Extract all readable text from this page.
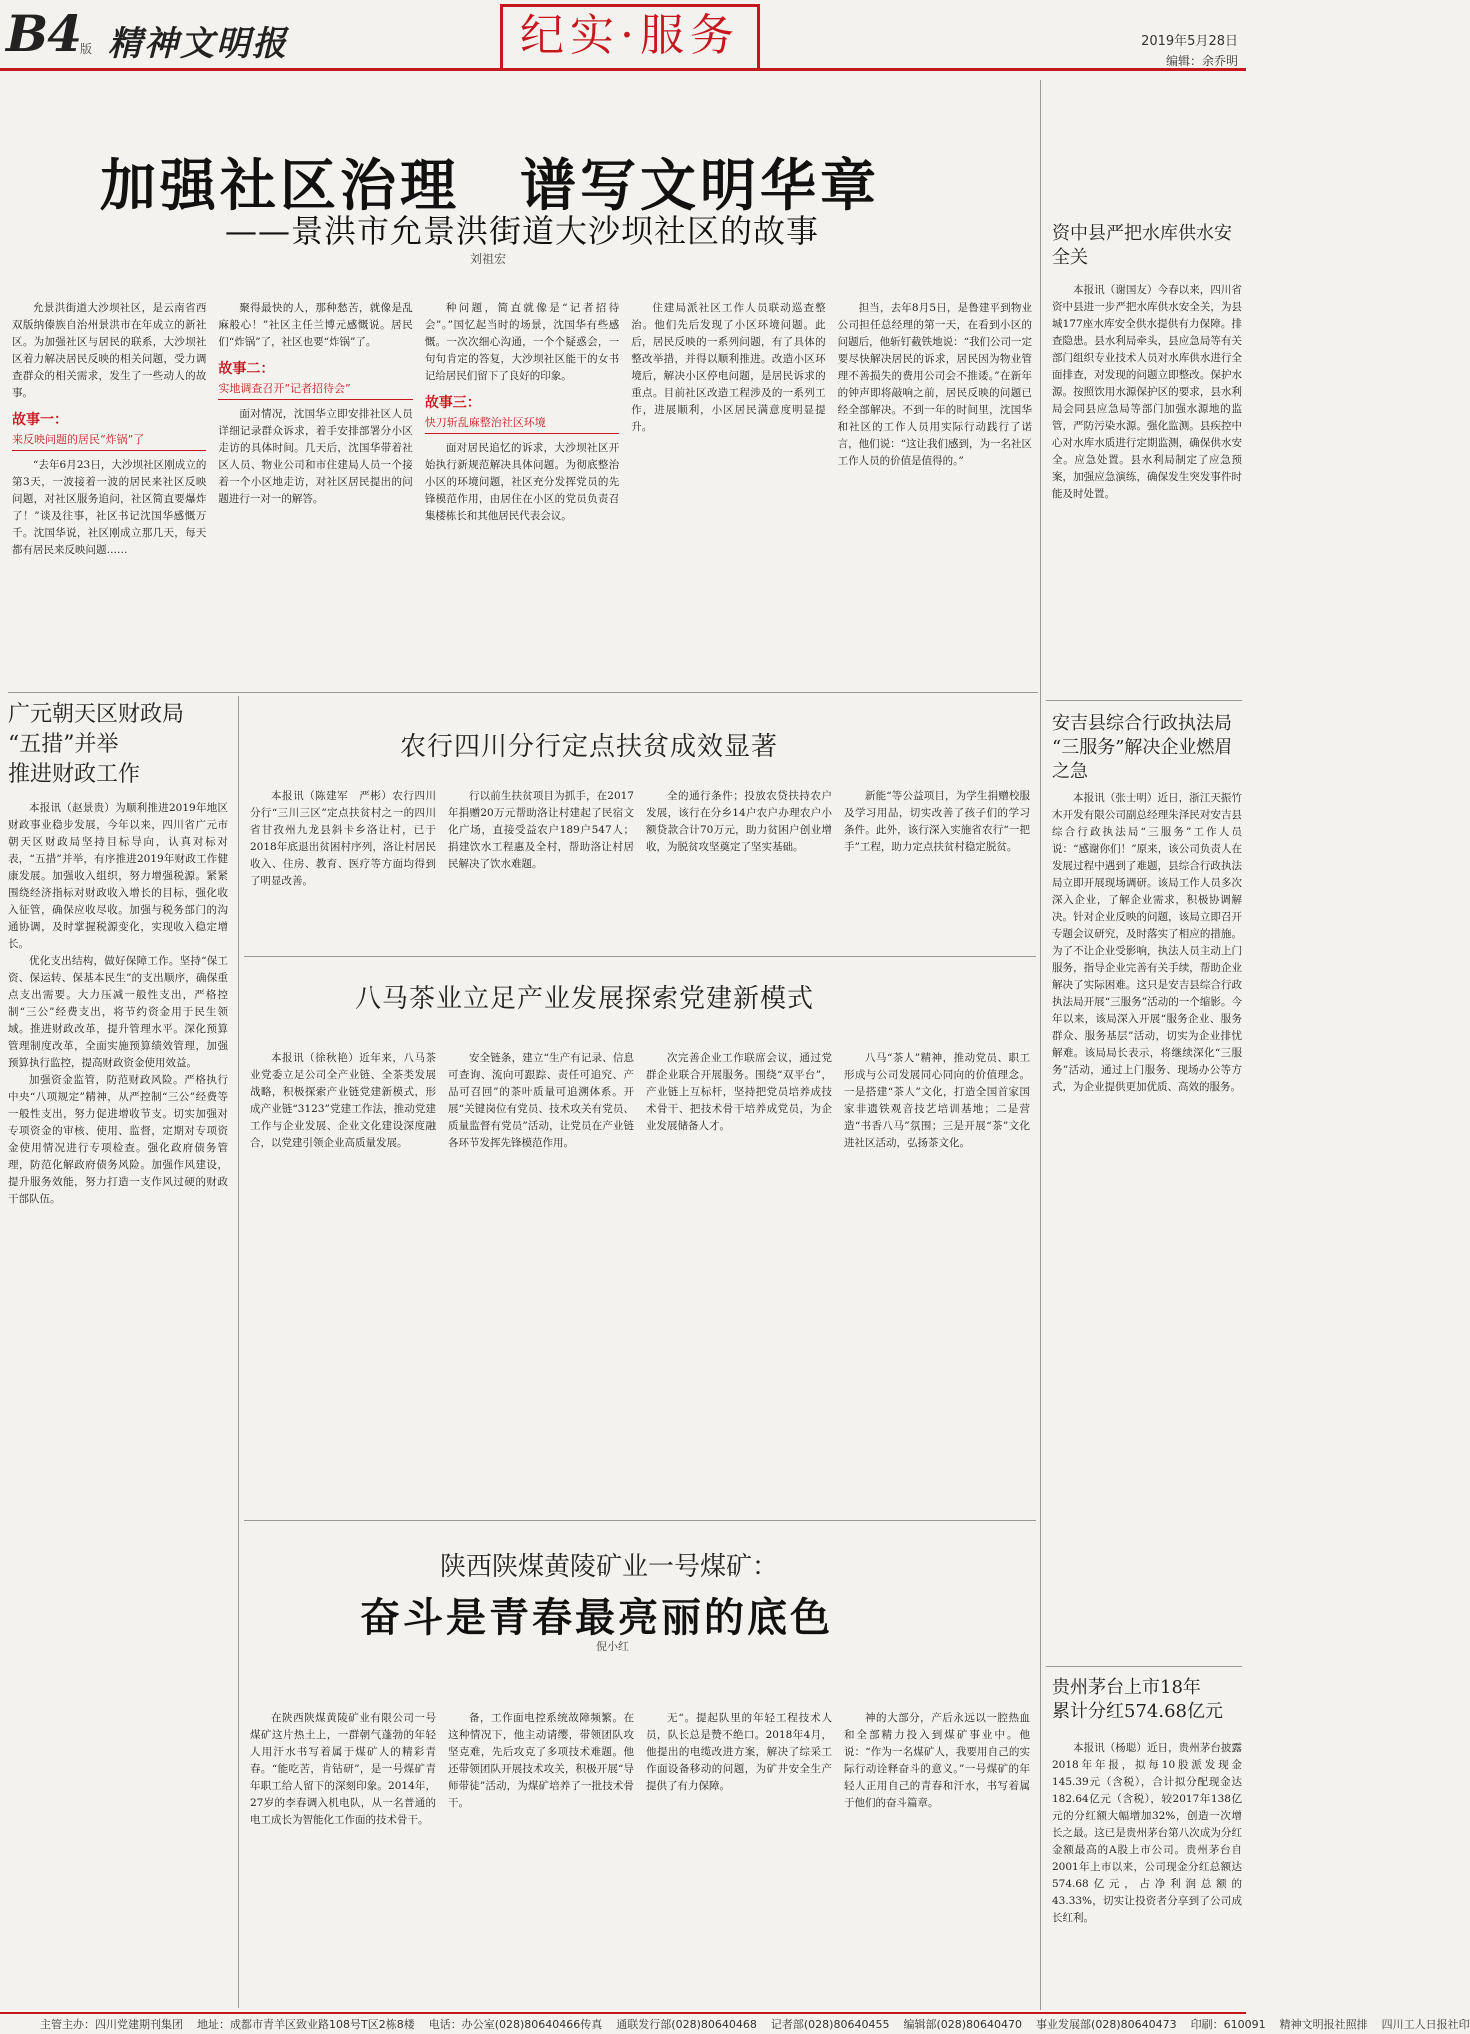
B4
版 精神文明报	纪实·服务	2019年5月28日
编辑：余乔明
加强社区治理　谱写文明华章
——景洪市允景洪街道大沙坝社区的故事
刘祖宏

允景洪街道大沙坝社区，是云南省西双版纳傣族自治州景洪市在年成立的新社区。为加强社区与居民的联系，大沙坝社区着力解决居民反映的相关问题，受力调查群众的相关需求，发生了一些动人的故事。

故事一：
来反映问题的居民“炸锅”了

“去年6月23日，大沙坝社区刚成立的第3天，一波接着一波的居民来社区反映问题，对社区服务追问，社区简直要爆炸了！”谈及往事，社区书记沈国华感慨万千。沈国华说，社区刚成立那几天，每天都有居民来反映问题……

聚得最快的人，那种愁苦，就像是乱麻般心！”社区主任兰博元感慨说。居民们“炸锅”了，社区也要“炸锅”了。

故事二：
实地调查召开“记者招待会”

面对情况，沈国华立即安排社区人员详细记录群众诉求，着手安排部署分小区走访的具体时间。几天后，沈国华带着社区人员、物业公司和市住建局人员一个接着一个小区地走访，对社区居民提出的问题进行一对一的解答。

种问题，简直就像是“记者招待会”。”国忆起当时的场景，沈国华有些感慨。一次次细心沟通，一个个疑惑会，一句句肯定的答复，大沙坝社区能干的女书记给居民们留下了良好的印象。

故事三：
快刀斩乱麻整治社区环境

面对居民追忆的诉求，大沙坝社区开始执行新规范解决具体问题。为彻底整治小区的环境问题，社区充分发挥党员的先锋模范作用，由居住在小区的党员负责召集楼栋长和其他居民代表会议。

住建局派社区工作人员联动巡查整治。他们先后发现了小区环境问题。此后，居民反映的一系列问题，有了具体的整改举措，并得以顺利推进。改造小区环境后，解决小区停电问题，是居民诉求的重点。目前社区改造工程涉及的一系列工作，进展顺利，小区居民满意度明显提升。

担当，去年8月5日，是鲁建平到物业公司担任总经理的第一天，在看到小区的问题后，他斩钉截铁地说：“我们公司一定要尽快解决居民的诉求，居民因为物业管理不善损失的费用公司会不推诿。”在新年的钟声即将敲响之前，居民反映的问题已经全部解决。不到一年的时间里，沈国华和社区的工作人员用实际行动践行了诺言，他们说：“这让我们感到，为一名社区工作人员的价值是值得的。”

资中县严把水库供水安全关

本报讯（谢国友）今春以来，四川省资中县进一步严把水库供水安全关，为县城177座水库安全供水提供有力保障。排查隐患。县水利局牵头，县应急局等有关部门组织专业技术人员对水库供水进行全面排查，对发现的问题立即整改。保护水源。按照饮用水源保护区的要求，县水利局会同县应急局等部门加强水源地的监管，严防污染水源。强化监测。县疾控中心对水库水质进行定期监测，确保供水安全。应急处置。县水利局制定了应急预案，加强应急演练，确保发生突发事件时能及时处置。

安吉县综合行政执法局
“三服务”解决企业燃眉之急

本报讯（张士明）近日，浙江天振竹木开发有限公司副总经理朱泽民对安吉县综合行政执法局“三服务”工作人员说：“感谢你们！”原来，该公司负责人在发展过程中遇到了难题，县综合行政执法局立即开展现场调研。该局工作人员多次深入企业，了解企业需求，积极协调解决。针对企业反映的问题，该局立即召开专题会议研究，及时落实了相应的措施。为了不让企业受影响，执法人员主动上门服务，指导企业完善有关手续，帮助企业解决了实际困难。这只是安吉县综合行政执法局开展“三服务”活动的一个缩影。今年以来，该局深入开展“服务企业、服务群众、服务基层”活动，切实为企业排忧解难。该局局长表示，将继续深化“三服务”活动，通过上门服务、现场办公等方式，为企业提供更加优质、高效的服务。

贵州茅台上市18年
累计分红574.68亿元

本报讯（杨聪）近日，贵州茅台披露2018年年报，拟每10股派发现金145.39元（含税），合计拟分配现金达182.64亿元（含税），较2017年138亿元的分红额大幅增加32%，创造一次增长之最。这已是贵州茅台第八次成为分红金额最高的A股上市公司。贵州茅台自2001年上市以来，公司现金分红总额达574.68亿元，占净利润总额的43.33%，切实让投资者分享到了公司成长红利。

广元朝天区财政局
“五措”并举
推进财政工作

本报讯（赵景贵）为顺利推进2019年地区财政事业稳步发展，今年以来，四川省广元市朝天区财政局坚持目标导向，认真对标对表，“五措”并举，有序推进2019年财政工作健康发展。加强收入组织，努力增强税源。紧紧围绕经济指标对财政收入增长的目标，强化收入征管，确保应收尽收。加强与税务部门的沟通协调，及时掌握税源变化，实现收入稳定增长。

优化支出结构，做好保障工作。坚持“保工资、保运转、保基本民生”的支出顺序，确保重点支出需要。大力压减一般性支出，严格控制“三公”经费支出，将节约资金用于民生领域。推进财政改革，提升管理水平。深化预算管理制度改革，全面实施预算绩效管理，加强预算执行监控，提高财政资金使用效益。

加强资金监管，防范财政风险。严格执行中央“八项规定”精神，从严控制“三公”经费等一般性支出，努力促进增收节支。切实加强对专项资金的审核、使用、监督，定期对专项资金使用情况进行专项检查。强化政府债务管理，防范化解政府债务风险。加强作风建设，提升服务效能，努力打造一支作风过硬的财政干部队伍。

农行四川分行定点扶贫成效显著

本报讯（陈建军　严彬）农行四川分行“三川三区”定点扶贫村之一的四川省甘孜州九龙县斜卡乡洛让村，已于2018年底退出贫困村序列，洛让村居民收入、住房、教育、医疗等方面均得到了明显改善。

行以前生扶贫项目为抓手，在2017年捐赠20万元帮助洛让村建起了民宿文化广场，直接受益农户189户547人；捐建饮水工程惠及全村，帮助洛让村居民解决了饮水难题。

全的通行条件；投放农贷扶持农户发展，该行在分乡14户农户办理农户小额贷款合计70万元，助力贫困户创业增收，为脱贫攻坚奠定了坚实基础。

新能“等公益项目，为学生捐赠校服及学习用品，切实改善了孩子们的学习条件。此外，该行深入实施省农行“一把手”工程，助力定点扶贫村稳定脱贫。

八马茶业立足产业发展探索党建新模式

本报讯（徐秋艳）近年来，八马茶业党委立足公司全产业链、全茶类发展战略，积极探索产业链党建新模式，形成产业链“3123”党建工作法，推动党建工作与企业发展、企业文化建设深度融合，以党建引领企业高质量发展。

安全链条，建立“生产有记录、信息可查询、流向可跟踪、责任可追究、产品可召回”的茶叶质量可追溯体系。开展“关键岗位有党员、技术攻关有党员、质量监督有党员”活动，让党员在产业链各环节发挥先锋模范作用。

次完善企业工作联席会议，通过党群企业联合开展服务。围绕“双平台”，产业链上互标杆，坚持把党员培养成技术骨干、把技术骨干培养成党员，为企业发展储备人才。

八马“茶人”精神，推动党员、职工形成与公司发展同心同向的价值理念。一是搭建“茶人”文化，打造全国首家国家非遗铁观音技艺培训基地；二是营造“书香八马”氛围；三是开展“茶”文化进社区活动，弘扬茶文化。

陕西陕煤黄陵矿业一号煤矿：
奋斗是青春最亮丽的底色
倪小红

在陕西陕煤黄陵矿业有限公司一号煤矿这片热土上，一群朝气蓬勃的年轻人用汗水书写着属于煤矿人的精彩青春。“能吃苦，肯钻研”，是一号煤矿青年职工给人留下的深刻印象。2014年，27岁的李春调入机电队，从一名普通的电工成长为智能化工作面的技术骨干。

备，工作面电控系统故障频繁。在这种情况下，他主动请缨，带领团队攻坚克难，先后攻克了多项技术难题。他还带领团队开展技术攻关，积极开展“导师带徒”活动，为煤矿培养了一批技术骨干。

无“。提起队里的年轻工程技术人员，队长总是赞不绝口。2018年4月，他提出的电缆改进方案，解决了综采工作面设备移动的问题，为矿井安全生产提供了有力保障。

神的大部分，产后永远以一腔热血和全部精力投入到煤矿事业中。他说：“作为一名煤矿人，我要用自己的实际行动诠释奋斗的意义。”一号煤矿的年轻人正用自己的青春和汗水，书写着属于他们的奋斗篇章。

主管主办：四川党建期刊集团 地址：成都市青羊区致业路108号T区2栋8楼 电话：办公室(028)80640466传真 通联发行部(028)80640468 记者部(028)80640455 编辑部(028)80640470 事业发展部(028)80640473 印刷：610091 精神文明报社照排 四川工人日报社印
